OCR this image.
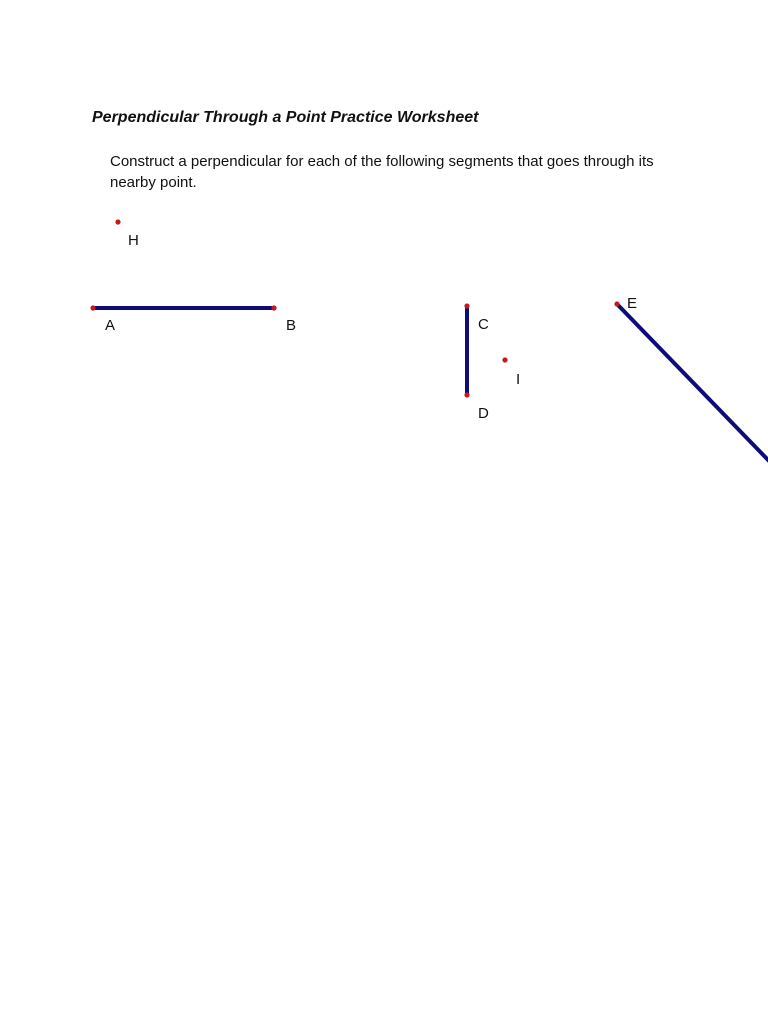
Perpendicular Through a Point Practice Worksheet

Construct a perpendicular for each of the following segments that goes through its nearby point.

H
A	B	C
I
D
E
